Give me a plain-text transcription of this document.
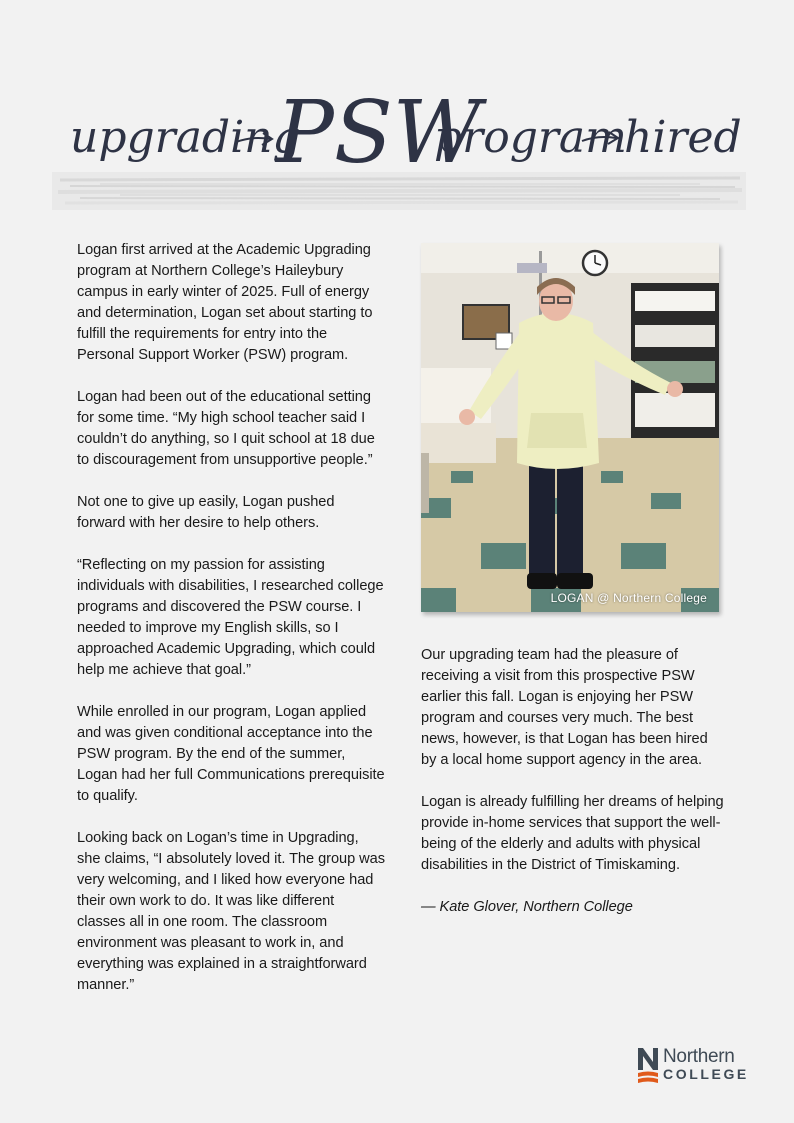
upgrading
PSW
program
hired

Logan first arrived at the Academic Upgrading program at Northern College’s Haileybury campus in early winter of 2025. Full of energy and determination, Logan set about starting to fulfill the requirements for entry into the Personal Support Worker (PSW) program.

Logan had been out of the educational setting for some time. “My high school teacher said I couldn’t do anything, so I quit school at 18 due to discouragement from unsupportive people.”

Not one to give up easily, Logan pushed forward with her desire to help others.

“Reflecting on my passion for assisting individuals with disabilities, I researched college programs and discovered the PSW course. I needed to improve my English skills, so I approached Academic Upgrading, which could help me achieve that goal.”

While enrolled in our program, Logan applied and was given conditional acceptance into the PSW program. By the end of the summer, Logan had her full Communications prerequisite to qualify.

Looking back on Logan’s time in Upgrading, she claims, “I absolutely loved it. The group was very welcoming, and I liked how everyone had their own work to do. It was like different classes all in one room. The classroom environment was pleasant to work in, and everything was explained in a straightforward manner.”

LOGAN @ Northern College

Our upgrading team had the pleasure of receiving a visit from this prospective PSW earlier this fall. Logan is enjoying her PSW program and courses very much. The best news, however, is that Logan has been hired by a local home support agency in the area.

Logan is already fulfilling her dreams of helping provide in-home services that support the well-being of the elderly and adults with physical disabilities in the District of Timiskaming.

— Kate Glover, Northern College

Northern
COLLEGE
